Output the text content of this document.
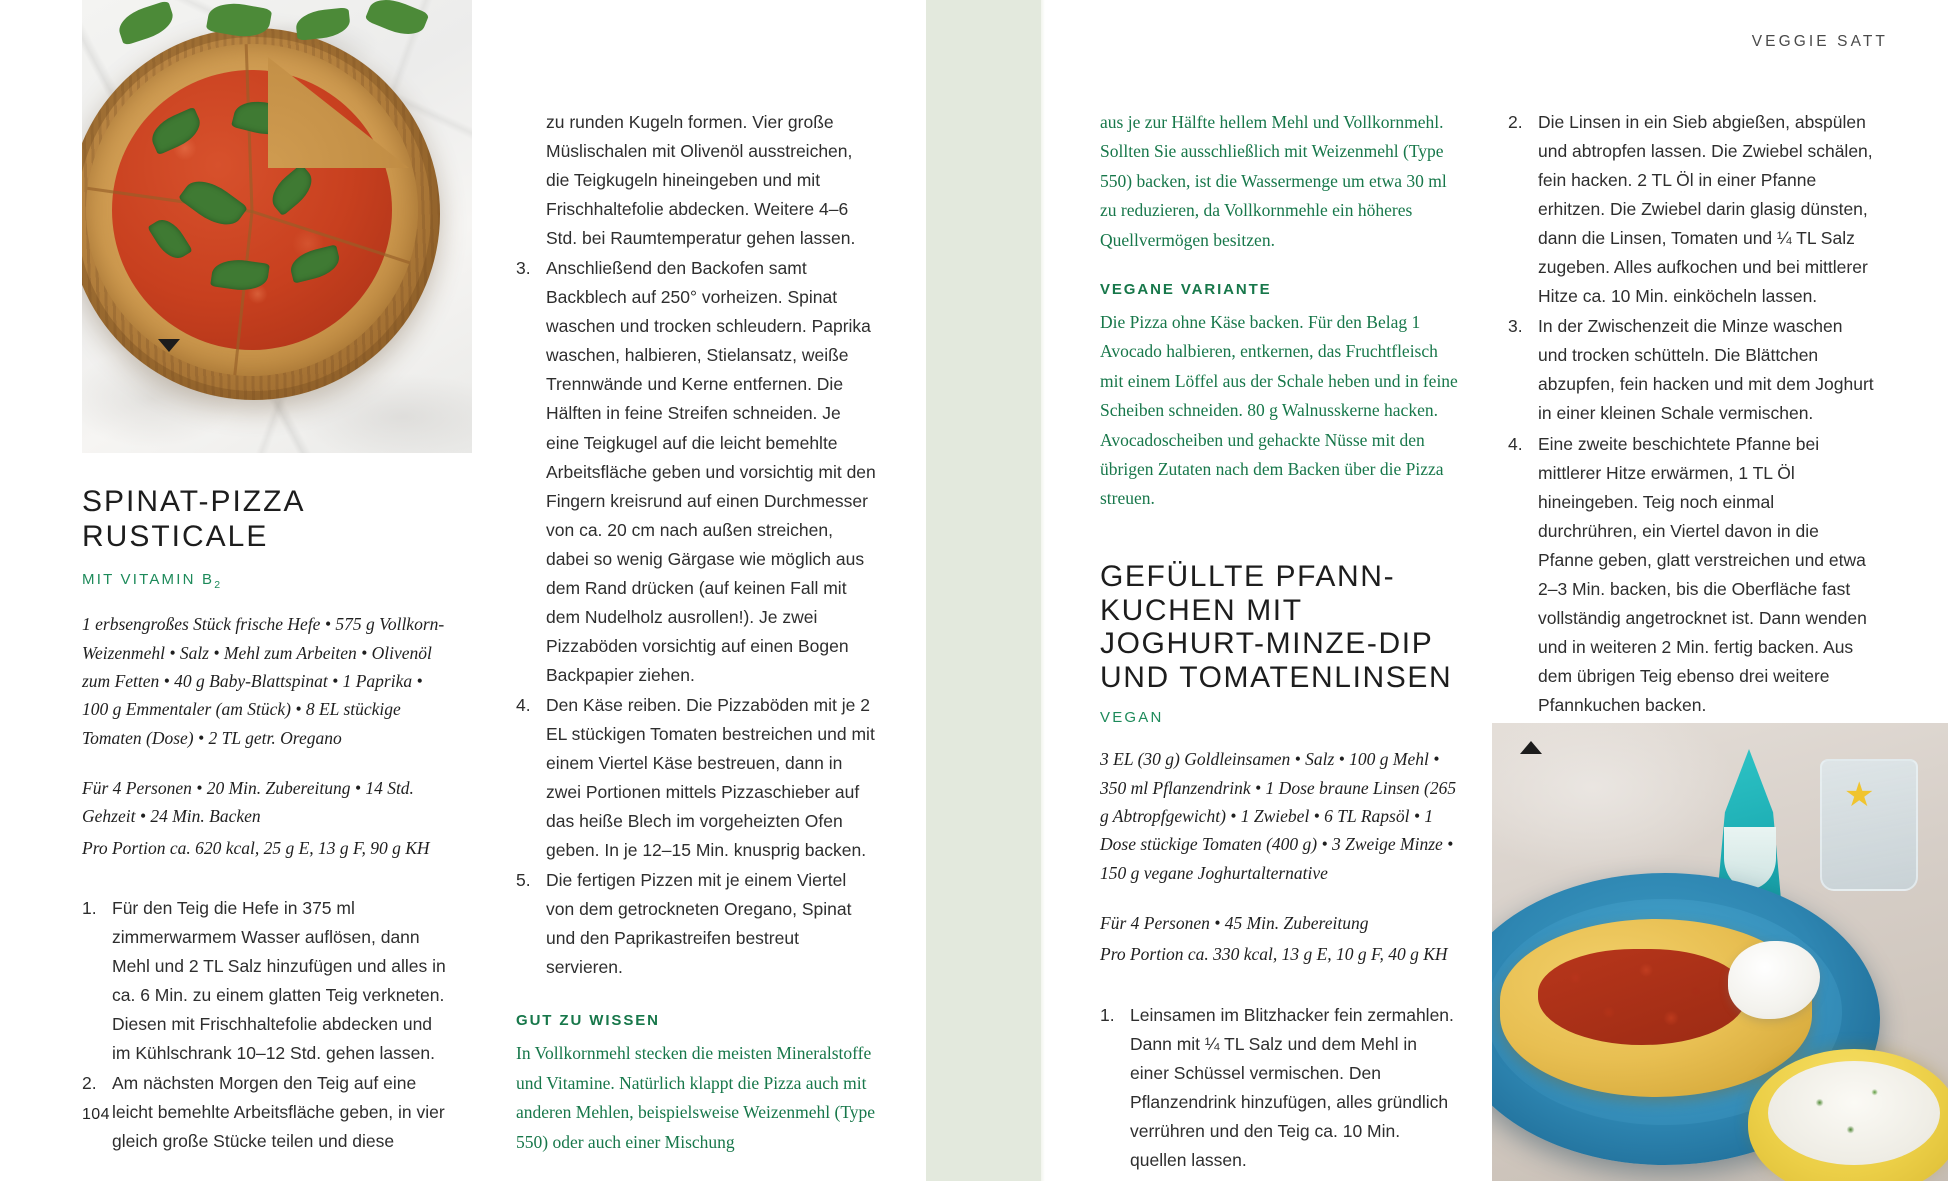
VEGGIE SATT
SPINAT-PIZZA RUSTICALE
MIT VITAMIN $B_2$

1 erbsengroßes Stück frische Hefe • 575 g Vollkorn-Weizenmehl • Salz • Mehl zum Arbeiten • Olivenöl zum Fetten • 40 g Baby-Blattspinat • 1 Paprika • 100 g Emmentaler (am Stück) • 8 EL stückige Tomaten (Dose) • 2 TL getr. Oregano

Für 4 Personen • 20 Min. Zubereitung • 14 Std. Gehzeit • 24 Min. Backen

Pro Portion ca. 620 kcal, 25 g E, 13 g F, 90 g KH

1. Für den Teig die Hefe in 375 ml zimmerwarmem Wasser auflösen, dann Mehl und 2 TL Salz hinzufügen und alles in ca. 6 Min. zu einem glatten Teig verkneten. Diesen mit Frischhaltefolie abdecken und im Kühlschrank 10–12 Std. gehen lassen.
2. Am nächsten Morgen den Teig auf eine leicht bemehlte Arbeitsfläche geben, in vier gleich große Stücke teilen und diese
104

zu runden Kugeln formen. Vier große Müslischalen mit Olivenöl ausstreichen, die Teigkugeln hineingeben und mit Frischhaltefolie abdecken. Weitere 4–6 Std. bei Raumtemperatur gehen lassen.

3. Anschließend den Backofen samt Backblech auf 250° vorheizen. Spinat waschen und trocken schleudern. Paprika waschen, halbieren, Stielansatz, weiße Trennwände und Kerne entfernen. Die Hälften in feine Streifen schneiden. Je eine Teigkugel auf die leicht bemehlte Arbeitsfläche geben und vorsichtig mit den Fingern kreisrund auf einen Durchmesser von ca. 20 cm nach außen streichen, dabei so wenig Gärgase wie möglich aus dem Rand drücken (auf keinen Fall mit dem Nudelholz ausrollen!). Je zwei Pizzaböden vorsichtig auf einen Bogen Backpapier ziehen.
4. Den Käse reiben. Die Pizzaböden mit je 2 EL stückigen Tomaten bestreichen und mit einem Viertel Käse bestreuen, dann in zwei Portionen mittels Pizzaschieber auf das heiße Blech im vorgeheizten Ofen geben. In je 12–15 Min. knusprig backen.
5. Die fertigen Pizzen mit je einem Viertel von dem getrockneten Oregano, Spinat und den Paprikastreifen bestreut servieren.
GUT ZU WISSEN

In Vollkornmehl stecken die meisten Mineralstoffe und Vitamine. Natürlich klappt die Pizza auch mit anderen Mehlen, beispielsweise Weizenmehl (Type 550) oder auch einer Mischung

aus je zur Hälfte hellem Mehl und Vollkornmehl. Sollten Sie ausschließlich mit Weizenmehl (Type 550) backen, ist die Wassermenge um etwa 30 ml zu reduzieren, da Vollkornmehle ein höheres Quellvermögen besitzen.

VEGANE VARIANTE

Die Pizza ohne Käse backen. Für den Belag 1 Avocado halbieren, entkernen, das Fruchtfleisch mit einem Löffel aus der Schale heben und in feine Scheiben schneiden. 80 g Walnusskerne hacken. Avocadoscheiben und gehackte Nüsse mit den übrigen Zutaten nach dem Backen über die Pizza streuen.

GEFÜLLTE PFANN-KUCHEN MIT JOGHURT-MINZE-DIP UND TOMATENLINSEN
VEGAN

3 EL (30 g) Goldleinsamen • Salz • 100 g Mehl • 350 ml Pflanzendrink • 1 Dose braune Linsen (265 g Abtropfgewicht) • 1 Zwiebel • 6 TL Rapsöl • 1 Dose stückige Tomaten (400 g) • 3 Zweige Minze • 150 g vegane Joghurtalternative

Für 4 Personen • 45 Min. Zubereitung

Pro Portion ca. 330 kcal, 13 g E, 10 g F, 40 g KH

1. Leinsamen im Blitzhacker fein zermahlen. Dann mit ¼ TL Salz und dem Mehl in einer Schüssel vermischen. Den Pflanzendrink hinzufügen, alles gründlich verrühren und den Teig ca. 10 Min. quellen lassen.
2. Die Linsen in ein Sieb abgießen, abspülen und abtropfen lassen. Die Zwiebel schälen, fein hacken. 2 TL Öl in einer Pfanne erhitzen. Die Zwiebel darin glasig dünsten, dann die Linsen, Tomaten und ¼ TL Salz zugeben. Alles aufkochen und bei mittlerer Hitze ca. 10 Min. einköcheln lassen.
3. In der Zwischenzeit die Minze waschen und trocken schütteln. Die Blättchen abzupfen, fein hacken und mit dem Joghurt in einer kleinen Schale vermischen.
4. Eine zweite beschichtete Pfanne bei mittlerer Hitze erwärmen, 1 TL Öl hineingeben. Teig noch einmal durchrühren, ein Viertel davon in die Pfanne geben, glatt verstreichen und etwa 2–3 Min. backen, bis die Oberfläche fast vollständig angetrocknet ist. Dann wenden und in weiteren 2 Min. fertig backen. Aus dem übrigen Teig ebenso drei weitere Pfannkuchen backen.
